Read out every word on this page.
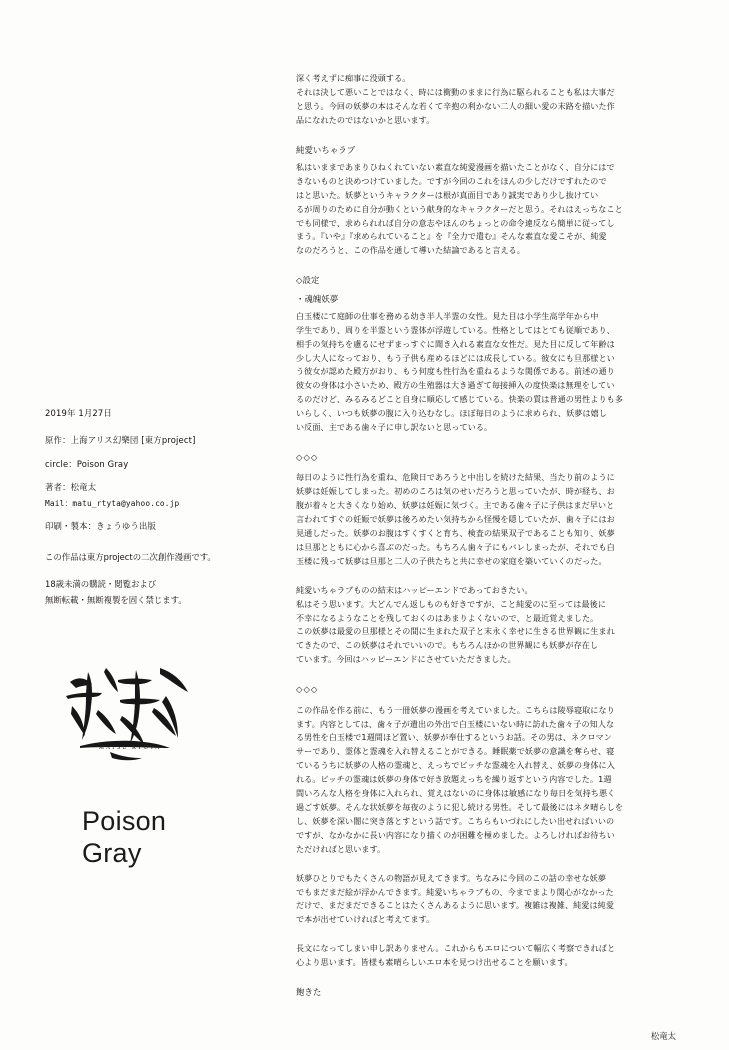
2019年 1月27日
原作：上海アリス幻樂団 [東方project]
circle：Poison Gray
著者：松竜太
Mail：matu_rtyta@yahoo.co.jp
印刷・製本：きょうゆう出版
この作品は東方projectの二次創作漫画です。
18歳未満の購読・閲覧および
無断転載・無断複製を固く禁じます。
MATSU RYUTA
Poison
Gray
深く考えずに痴事に没頭する。
それは決して悪いことではなく、時には衝動のままに行為に駆られることも私は大事だ
と思う。今回の妖夢の本はそんな若くて辛抱の利かない二人の細い愛の末路を描いた作
品になれたのではないかと思います。
純愛いちゃラブ
私はいままであまりひねくれていない素直な純愛漫画を描いたことがなく、自分にはで
きないものと決めつけていました。ですが今回のこれをほんの少しだけですれたので
はと思いた。妖夢というキャラクターは根が真面目であり誠実であり少し抜けてい
るが周りのために自分が動くという献身的なキャラクターだと思う。それはえっちなこと
でも同様で、求められれば自分の意志やほんのちょっとの命令違反なら簡単に従ってし
まう。『いや』『求められていること』を『全力で遣む』そんな素直な愛こそが、純愛
なのだろうと、この作品を通して導いた結論であると言える。
◇設定
・魂魄妖夢
白玉楼にて庭師の仕事を務める幼き半人半霊の女性。見た目は小学生高学年から中
学生であり、周りを半霊という霊体が浮遊している。性格としてはとても従順であり、
相手の気持ちを慮るにせずまっすぐに聞き入れる素直な女性だ。見た目に反して年齢は
少し大人になっており、もう子供も産めるほどには成長している。彼女にも旦那様とい
う彼女が認めた殿方がおり、もう何度も性行為を重ねるような関係である。前述の通り
彼女の身体は小さいため、殿方の生殖器は大き過ぎて毎接挿入の度快楽は無理をしてい
るのだけど、みるみるどこと自身に順応して感じている。快楽の質は普通の男性よりも多
いらしく、いつも妖夢の腹に入り込むなし。ほぼ毎日のように求められ、妖夢は嬉し
い反面、主である歯々子に申し訳ないと思っている。
◇◇◇
毎日のように性行為を重ね、危険日であろうと中出しを続けた結果、当たり前のように
妖夢は妊娠してしまった。初めのころは気のせいだろうと思っていたが、時が経ち、お
腹が着々と大きくなり始め、妖夢は妊娠に気づく。主である歯々子に子供はまだ早いと
言われてすぐの妊娠で妖夢は後ろめたい気持ちから怪慢を隠していたが、歯々子にはお
見通しだった。妖夢のお腹はすくすくと育ち、検査の結果双子であることも知り、妖夢
は旦那とともに心から喜ぶのだった。もちろん歯々子にもバレしまったが、それでも白
玉楼に残って妖夢は旦那と二人の子供たちと共に幸せの家庭を築いていくのだった。
純愛いちゃラブものの結末はハッピーエンドであっておきたい。
私はそう思います。大どんでん返しものも好きですが、こと純愛のに至っては最後に
不幸になるようなことを残しておくのはあまりよくないので、と最近覚えました。
この妖夢は最愛の旦那様とその間に生まれた双子と末永く幸せに生きる世界観に生まれ
てきたので、この妖夢はそれでいいので。もちろんほかの世界観にも妖夢が存在し
ています。今回はハッピーエンドにさせていただきました。
◇◇◇
この作品を作る前に、もう一冊妖夢の漫画を考えていました。こちらは陵辱寝取になり
ます。内容としては、歯々子が遺出の外出で白玉楼にいない時に訪れた歯々子の知人な
る男性を白玉楼で1週間ほど置い、妖夢が奉仕するというお話。その男は、ネクロマン
サーであり、霊体と霊魂を入れ替えることができる。睡眠薬で妖夢の意識を奪らせ、寝
ているうちに妖夢の人格の霊魂と、えっちでビッチな霊魂を入れ替え、妖夢の身体に入
れる。ビッチの霊魂は妖夢の身体で好き放題えっちを繰り返すという内容でした。1週
間いろんな人格を身体に入れられ、覚えはないのに身体は敏感になり毎日を気持ち悪く
過ごす妖夢。そんな状妖夢を毎夜のように犯し続ける男性。そして最後にはネタ晴らしを
し、妖夢を深い闇に突き落とすという話です。こちらもいづれにしたい出せればいいの
ですが、なかなかに長い内容になり描くのが困難を極めました。よろしければお待ちい
ただければと思います。
妖夢ひとりでもたくさんの物語が見えてきます。ちなみに今回のこの話の幸せな妖夢
でもまだまだ絵が浮かんできます。純愛いちゃラブもの、今までまより関心がなかった
だけで、まだまだできることはたくさんあるように思います。複雑は複雑、純愛は純愛
で本が出せていければと考えてます。
長文になってしまい申し訳ありません。これからもエロについて幅広く考察できればと
心より思います。皆様も素晴らしいエロ本を見つけ出せることを願います。
飽きた
松竜太
